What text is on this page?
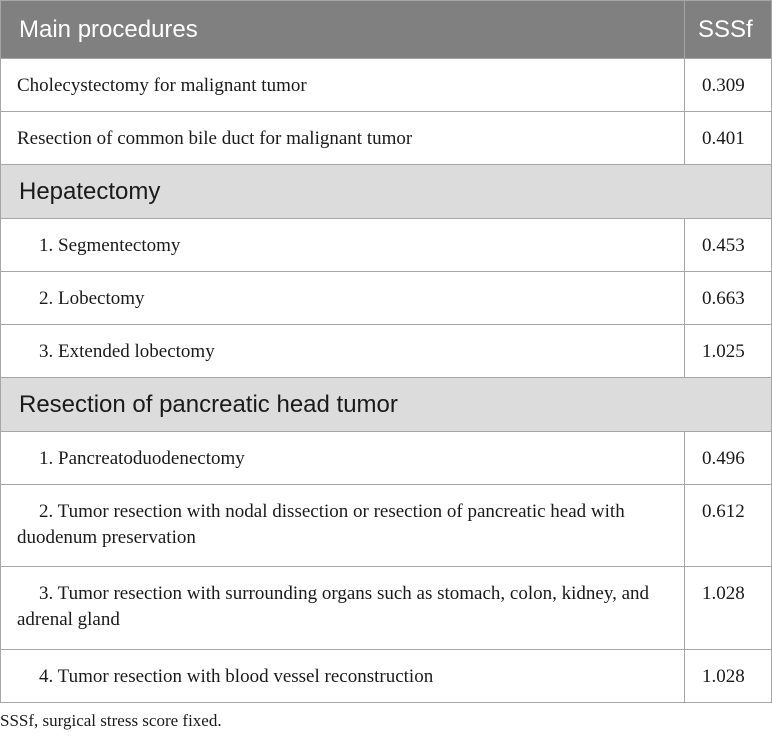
Main procedures	SSSf
Cholecystectomy for malignant tumor	0.309
Resection of common bile duct for malignant tumor	0.401
Hepatectomy	
1. Segmentectomy	0.453
2. Lobectomy	0.663
3. Extended lobectomy	1.025
Resection of pancreatic head tumor	
1. Pancreatoduodenectomy	0.496
2. Tumor resection with nodal dissection or resection of pancreatic head with duodenum preservation	0.612
3. Tumor resection with surrounding organs such as stomach, colon, kidney, and adrenal gland	1.028
4. Tumor resection with blood vessel reconstruction	1.028
SSSf, surgical stress score fixed.
